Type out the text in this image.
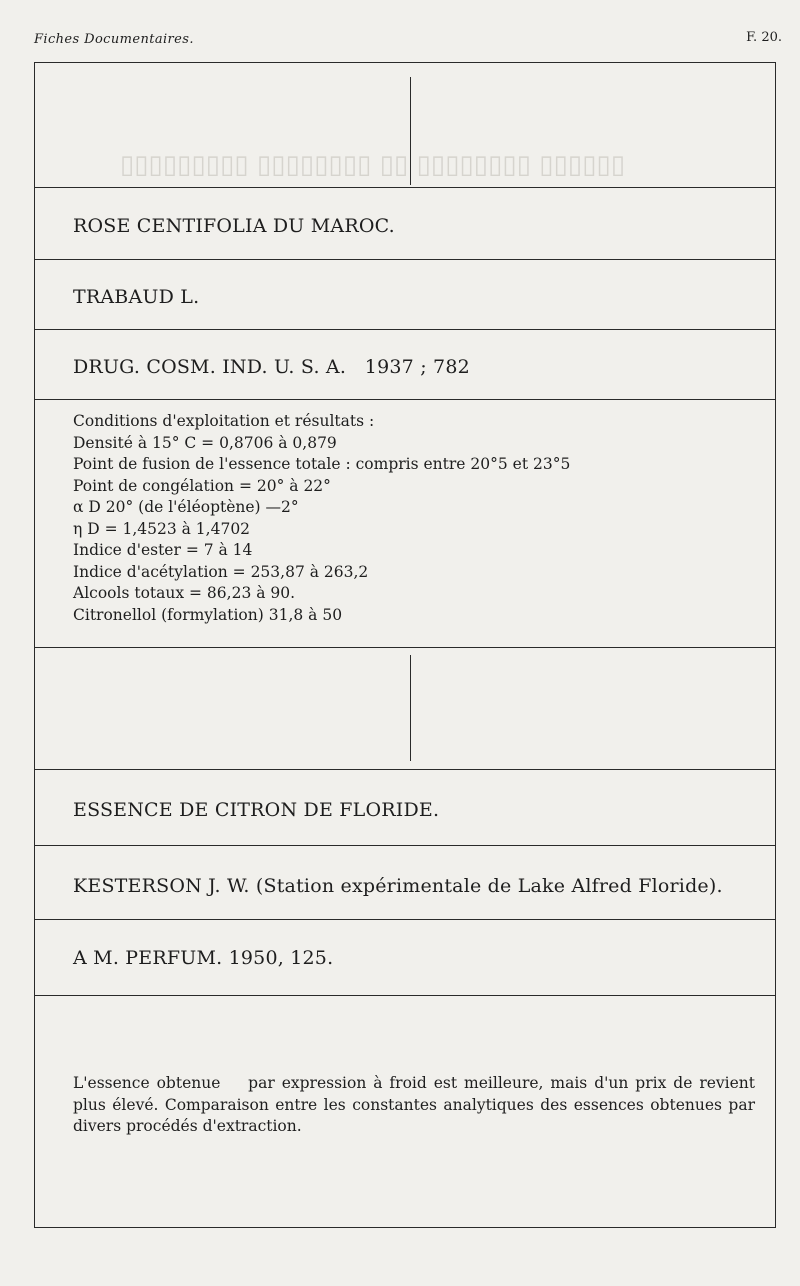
▯▯▯▯▯▯ ▯▯▯▯▯▯▯▯ ▯▯ ▯▯▯▯▯▯▯▯ ▯▯▯▯▯▯▯▯▯
Fiches Documentaires.	F. 20.
ROSE CENTIFOLIA DU MAROC.
TRABAUD L.
DRUG. COSM. IND. U. S. A.   1937 ; 782
Conditions d'exploitation et résultats :
Densité à 15° C = 0,8706 à 0,879
Point de fusion de l'essence totale : compris entre 20°5 et 23°5
Point de congélation = 20° à 22°
α D 20° (de l'éléoptène) —2°
η D = 1,4523 à 1,4702
Indice d'ester = 7 à 14
Indice d'acétylation = 253,87 à 263,2
Alcools totaux = 86,23 à 90.
Citronellol (formylation) 31,8 à 50
ESSENCE DE CITRON DE FLORIDE.
KESTERSON J. W. (Station expérimentale de Lake Alfred Floride).
A M. PERFUM. 1950, 125.
L'essence obtenue    par expression à froid est meilleure, mais d'un prix de revient plus élevé. Comparaison entre les constantes analytiques des essences obtenues par divers procédés d'extraction.
